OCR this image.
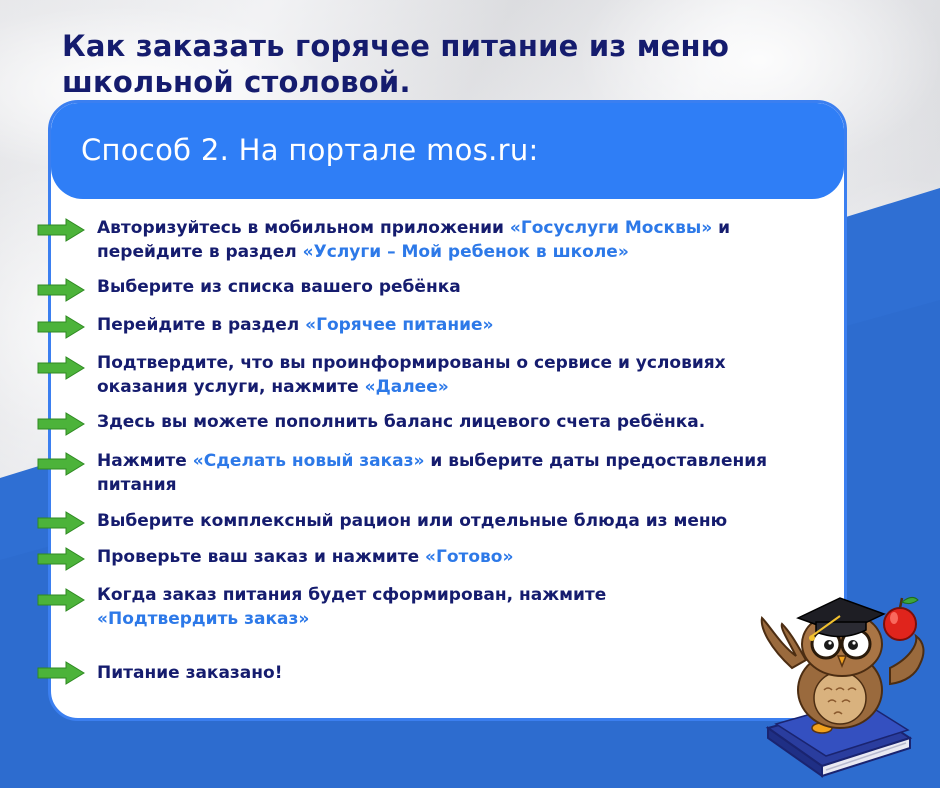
Как заказать горячее питание из меню
школьной столовой.
Способ 2. На портале mos.ru:
Авторизуйтесь в мобильном приложении «Госуслуги Москвы» и
перейдите в раздел «Услуги – Мой ребенок в школе»
Выберите из списка вашего ребёнка
Перейдите в раздел «Горячее питание»
Подтвердите, что вы проинформированы о сервисе и условиях
оказания услуги, нажмите «Далее»
Здесь вы можете пополнить баланс лицевого счета ребёнка.
Нажмите «Сделать новый заказ» и выберите даты предоставления
питания
Выберите комплексный рацион или отдельные блюда из меню
Проверьте ваш заказ и нажмите «Готово»
Когда заказ питания будет сформирован, нажмите
«Подтвердить заказ»
Питание заказано!
